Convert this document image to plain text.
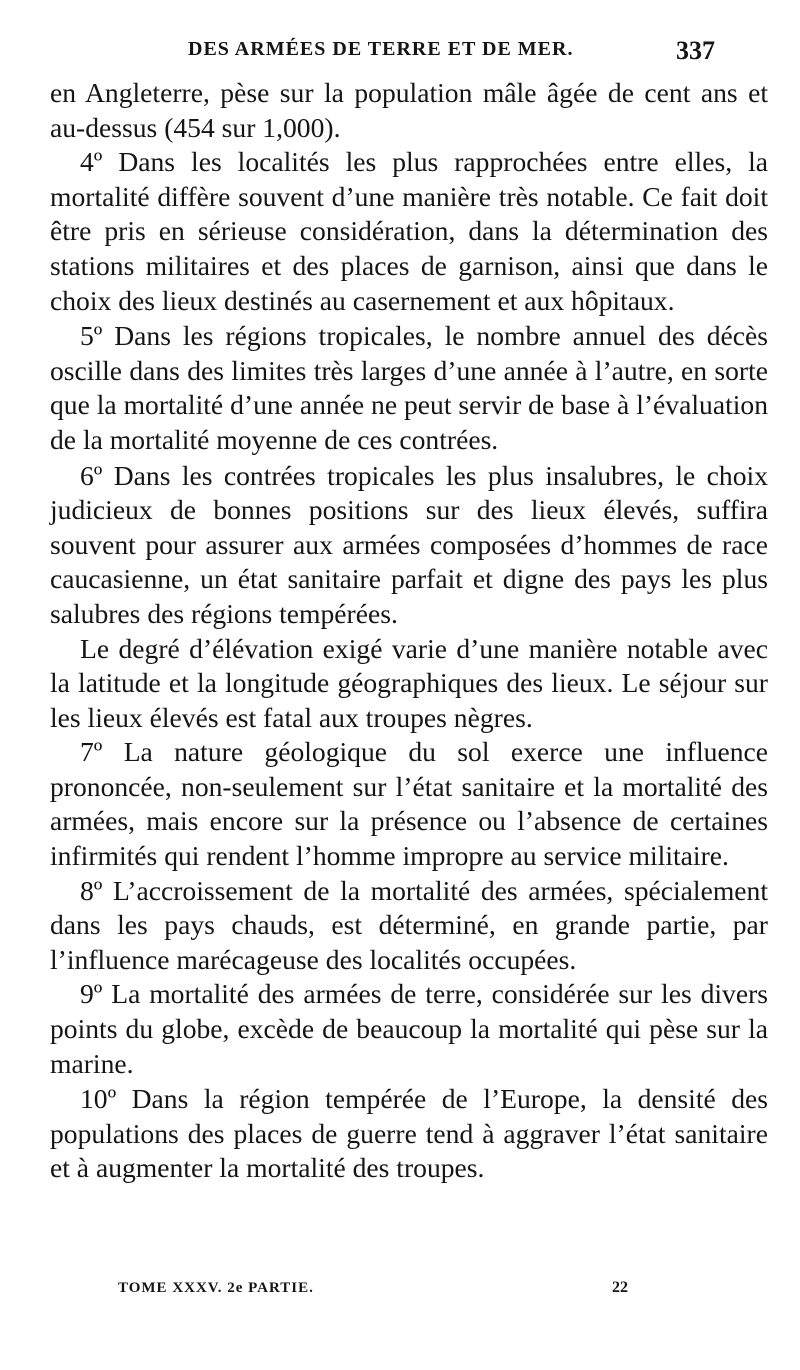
DES ARMÉES DE TERRE ET DE MER.	337

en Angleterre, pèse sur la population mâle âgée de cent ans et au-dessus (454 sur 1,000).

4º Dans les localités les plus rapprochées entre elles, la mortalité diffère souvent d’une manière très notable. Ce fait doit être pris en sérieuse considération, dans la détermination des stations militaires et des places de garnison, ainsi que dans le choix des lieux destinés au casernement et aux hôpitaux.

5º Dans les régions tropicales, le nombre annuel des décès oscille dans des limites très larges d’une année à l’autre, en sorte que la mortalité d’une année ne peut servir de base à l’évaluation de la mortalité moyenne de ces contrées.

6º Dans les contrées tropicales les plus insalubres, le choix judicieux de bonnes positions sur des lieux élevés, suffira souvent pour assurer aux armées composées d’hommes de race caucasienne, un état sanitaire parfait et digne des pays les plus salubres des régions tempérées.

Le degré d’élévation exigé varie d’une manière notable avec la latitude et la longitude géographiques des lieux. Le séjour sur les lieux élevés est fatal aux troupes nègres.

7º La nature géologique du sol exerce une influence prononcée, non-seulement sur l’état sanitaire et la mortalité des armées, mais encore sur la présence ou l’absence de certaines infirmités qui rendent l’homme impropre au service militaire.

8º L’accroissement de la mortalité des armées, spécialement dans les pays chauds, est déterminé, en grande partie, par l’influence marécageuse des localités occupées.

9º La mortalité des armées de terre, considérée sur les divers points du globe, excède de beaucoup la mortalité qui pèse sur la marine.

10º Dans la région tempérée de l’Europe, la densité des populations des places de guerre tend à aggraver l’état sanitaire et à augmenter la mortalité des troupes.

TOME XXXV. 2e PARTIE.	22
